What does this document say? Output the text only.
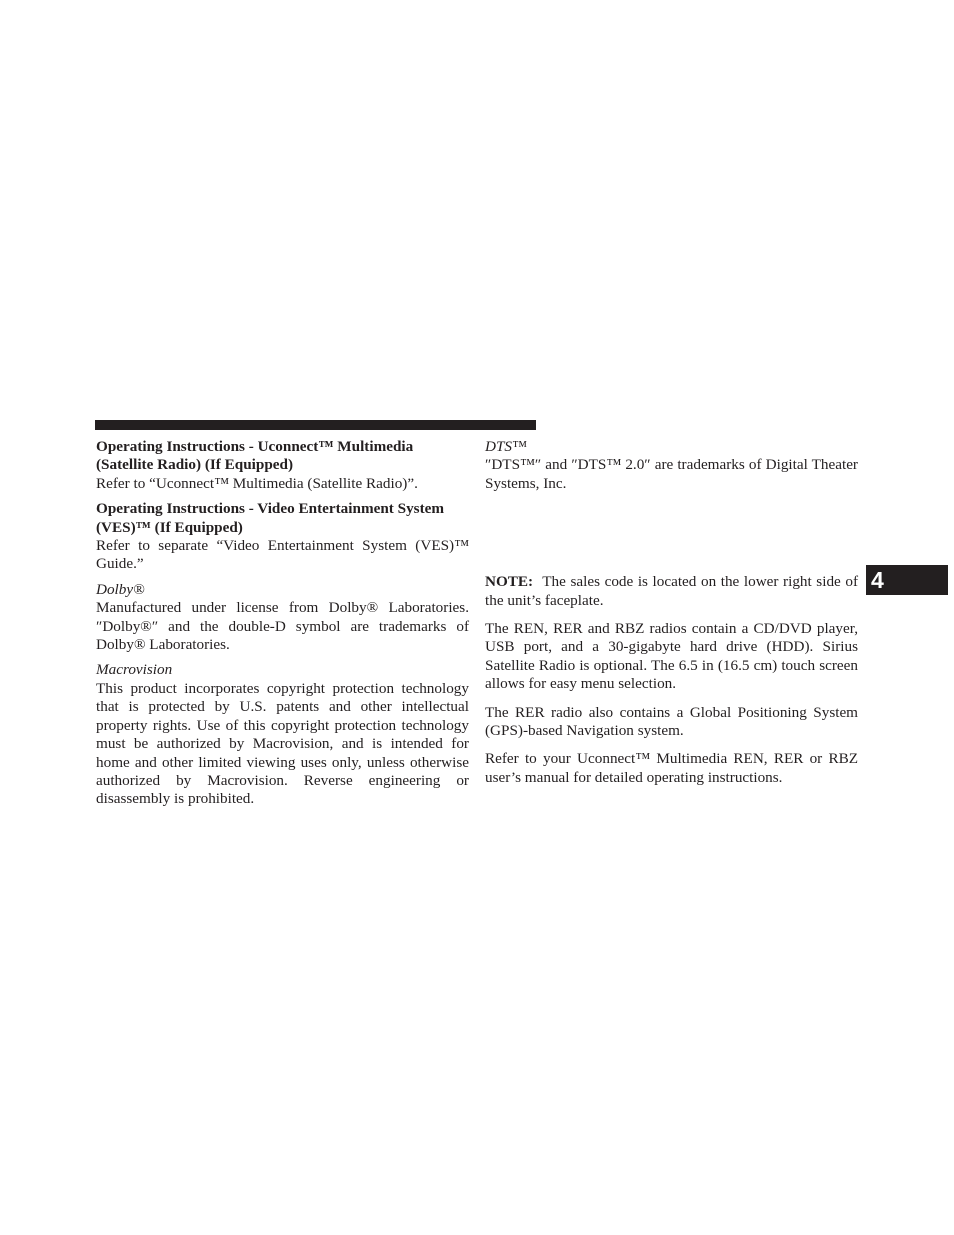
Operating Instructions - Uconnect™ Multimedia (Satellite Radio) (If Equipped)

Refer to “Uconnect™ Multimedia (Satellite Radio)”.

Operating Instructions - Video Entertainment System (VES)™ (If Equipped)

Refer to separate “Video Entertainment System (VES)™ Guide.”

Dolby®

Manufactured under license from Dolby® Laboratories. ″Dolby®″ and the double-D symbol are trademarks of Dolby® Laboratories.

Macrovision

This product incorporates copyright protection technology that is protected by U.S. patents and other intellectual property rights. Use of this copyright protection technology must be authorized by Macrovision, and is intended for home and other limited viewing uses only, unless otherwise authorized by Macrovision. Reverse engineering or disassembly is prohibited.

DTS™

″DTS™″ and ″DTS™ 2.0″ are trademarks of Digital Theater Systems, Inc.

NOTE: The sales code is located on the lower right side of the unit’s faceplate.

The REN, RER and RBZ radios contain a CD/DVD player, USB port, and a 30-gigabyte hard drive (HDD). Sirius Satellite Radio is optional. The 6.5 in (16.5 cm) touch screen allows for easy menu selection.

The RER radio also contains a Global Positioning System (GPS)-based Navigation system.

Refer to your Uconnect™ Multimedia REN, RER or RBZ user’s manual for detailed operating instructions.

4
